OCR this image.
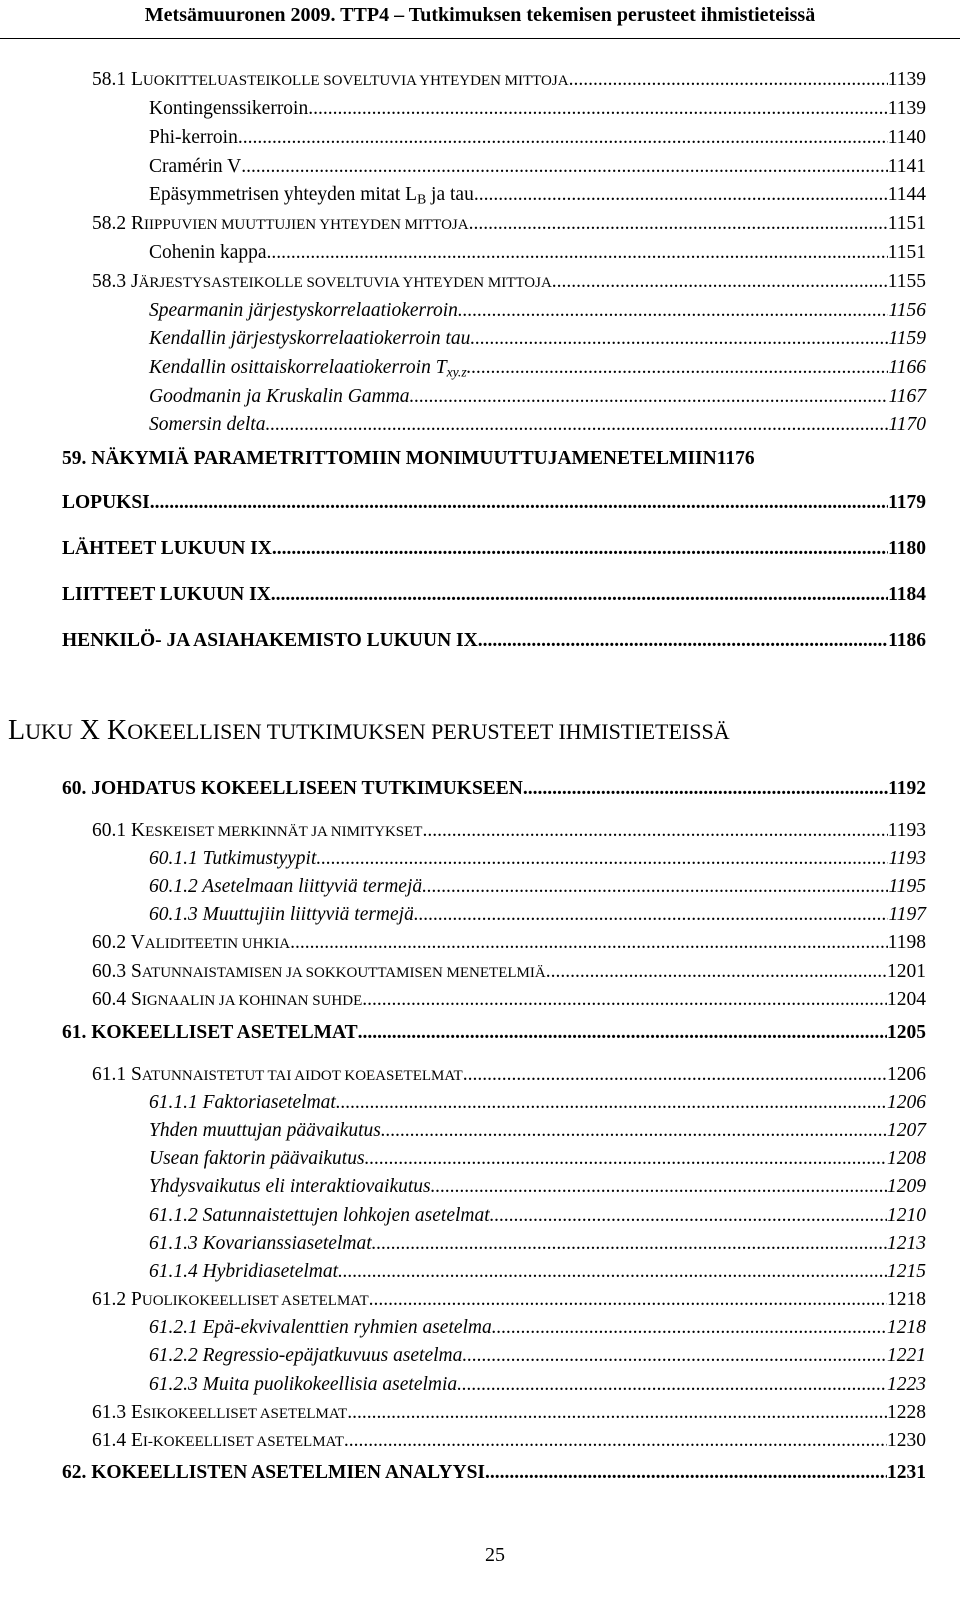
Metsämuuronen 2009. TTP4 – Tutkimuksen tekemisen perusteet ihmistieteissä
58.1 LUOKITTELUASTEIKOLLE SOVELTUVIA YHTEYDEN MITTOJA .....	1139
Kontingenssikerroin .....	1139
Phi-kerroin .....	1140
Cramérin V .....	1141
Epäsymmetrisen yhteyden mitat LB ja tau .....	1144
58.2 RIIPPUVIEN MUUTTUJIEN YHTEYDEN MITTOJA .....	1151
Cohenin kappa .....	1151
58.3 JÄRJESTYSASTEIKOLLE SOVELTUVIA YHTEYDEN MITTOJA .....	1155
Spearmanin järjestyskorrelaatiokerroin .....	1156
Kendallin järjestyskorrelaatiokerroin tau .....	1159
Kendallin osittaiskorrelaatiokerroin Txy.z .....	1166
Goodmanin ja Kruskalin Gamma .....	1167
Somersin delta .....	1170
59. NÄKYMIÄ PARAMETRITTOMIIN MONIMUUTTUJAMENETELMIIN 1176
LOPUKSI .....	1179
LÄHTEET LUKUUN IX .....	1180
LIITTEET LUKUUN IX .....	1184
HENKILÖ- JA ASIAHAKEMISTO LUKUUN IX .....	1186
LUKU X KOKEELLISEN TUTKIMUKSEN PERUSTEET IHMISTIETEISSÄ
60. JOHDATUS KOKEELLISEEN TUTKIMUKSEEN .....	1192
60.1 KESKEISET MERKINNÄT JA NIMITYKSET .....	1193
60.1.1 Tutkimustyypit .....	1193
60.1.2 Asetelmaan liittyviä termejä .....	1195
60.1.3 Muuttujiin liittyviä termejä .....	1197
60.2 VALIDITEETIN UHKIA .....	1198
60.3 SATUNNAISTAMISEN JA SOKKOUTTAMISEN MENETELMIÄ .....	1201
60.4 SIGNAALIN JA KOHINAN SUHDE .....	1204
61. KOKEELLISET ASETELMAT .....	1205
61.1 SATUNNAISTETUT TAI AIDOT KOEASETELMAT .....	1206
61.1.1 Faktoriasetelmat .....	1206
Yhden muuttujan päävaikutus .....	1207
Usean faktorin päävaikutus .....	1208
Yhdysvaikutus eli interaktiovaikutus .....	1209
61.1.2 Satunnaistettujen lohkojen asetelmat .....	1210
61.1.3 Kovarianssiasetelmat .....	1213
61.1.4 Hybridiasetelmat .....	1215
61.2 PUOLIKOKEELLISET ASETELMAT .....	1218
61.2.1 Epä-ekvivalenttien ryhmien asetelma .....	1218
61.2.2 Regressio-epäjatkuvuus asetelma .....	1221
61.2.3 Muita puolikokeellisia asetelmia .....	1223
61.3 ESIKOKEELLISET ASETELMAT .....	1228
61.4 EI-KOKEELLISET ASETELMAT .....	1230
62. KOKEELLISTEN ASETELMIEN ANALYYSI .....	1231
25
